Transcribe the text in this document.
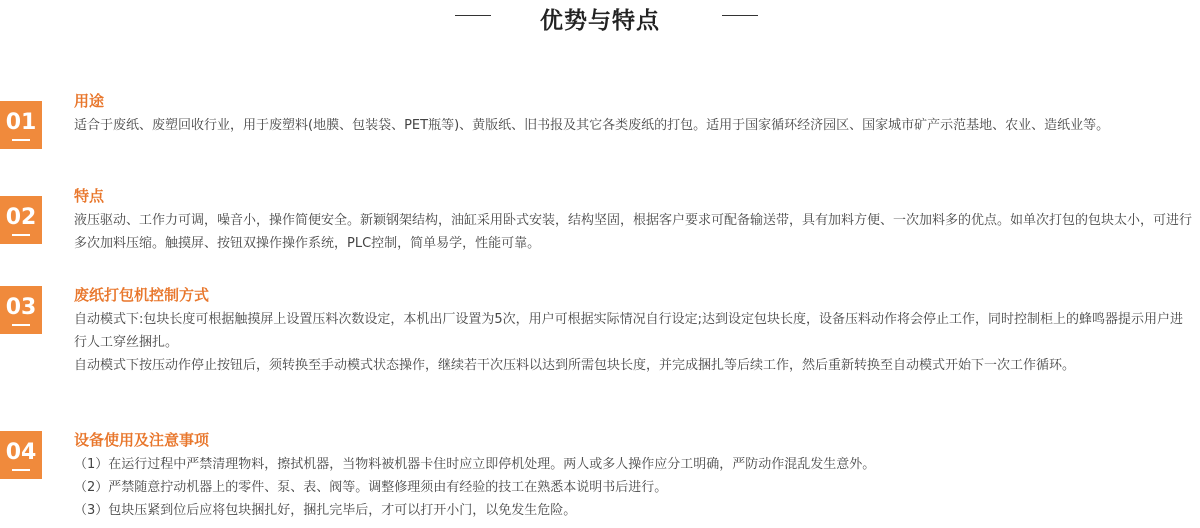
优势与特点
01
用途

适合于废纸、废塑回收行业，用于废塑料(地膜、包装袋、PET瓶等)、黄版纸、旧书报及其它各类废纸的打包。适用于国家循环经济园区、国家城市矿产示范基地、农业、造纸业等。

02
特点

液压驱动、工作力可调，噪音小，操作简便安全。新颖钢架结构，油缸采用卧式安装，结构坚固，根据客户要求可配备输送带，具有加料方便、一次加料多的优点。如单次打包的包块太小，可进行多次加料压缩。触摸屏、按钮双操作操作系统，PLC控制，简单易学，性能可靠。

03	废纸打包机控制方式

自动模式下:包块长度可根据触摸屏上设置压料次数设定，本机出厂设置为5次，用户可根据实际情况自行设定;达到设定包块长度，设备压料动作将会停止工作，同时控制柜上的蜂鸣器提示用户进行人工穿丝捆扎。

自动模式下按压动作停止按钮后，须转换至手动模式状态操作，继续若干次压料以达到所需包块长度，并完成捆扎等后续工作，然后重新转换至自动模式开始下一次工作循环。

04	设备使用及注意事项

（1）在运行过程中严禁清理物料，擦拭机器，当物料被机器卡住时应立即停机处理。两人或多人操作应分工明确，严防动作混乱发生意外。

（2）严禁随意拧动机器上的零件、泵、表、阀等。调整修理须由有经验的技工在熟悉本说明书后进行。

（3）包块压紧到位后应将包块捆扎好，捆扎完毕后，才可以打开小门，以免发生危险。
